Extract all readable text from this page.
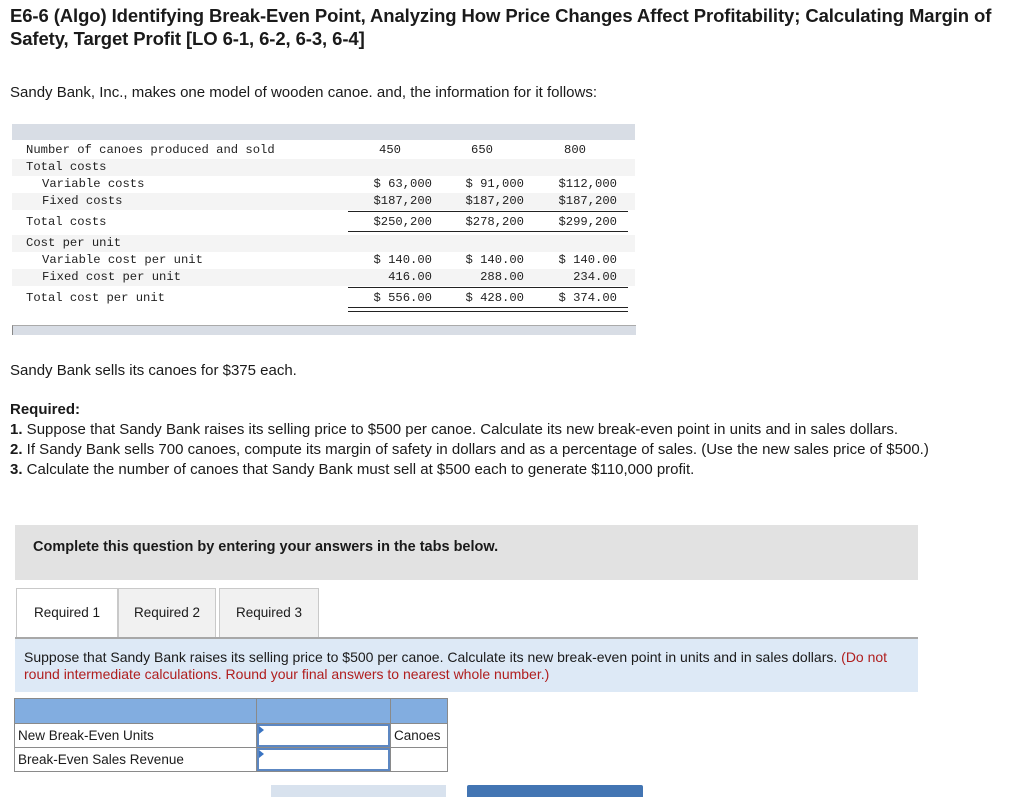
E6-6 (Algo) Identifying Break-Even Point, Analyzing How Price Changes Affect Profitability; Calculating Margin of Safety, Target Profit [LO 6-1, 6-2, 6-3, 6-4]
Sandy Bank, Inc., makes one model of wooden canoe. and, the information for it follows:
Number of canoes produced and sold	450	650	800
Total costs
Variable costs	$ 63,000	$ 91,000	$112,000
Fixed costs	$187,200	$187,200	$187,200
Total costs	$250,200	$278,200	$299,200
Cost per unit
Variable cost per unit	$ 140.00	$ 140.00	$ 140.00
Fixed cost per unit	416.00	288.00	234.00
Total cost per unit	$ 556.00	$ 428.00	$ 374.00
Sandy Bank sells its canoes for $375 each.
Required:
1. Suppose that Sandy Bank raises its selling price to $500 per canoe. Calculate its new break-even point in units and in sales dollars.
2. If Sandy Bank sells 700 canoes, compute its margin of safety in dollars and as a percentage of sales. (Use the new sales price of $500.)
3. Calculate the number of canoes that Sandy Bank must sell at $500 each to generate $110,000 profit.
Complete this question by entering your answers in the tabs below.
Required 1	Required 2	Required 3

Suppose that Sandy Bank raises its selling price to $500 per canoe. Calculate its new break-even point in units and in sales dollars. (Do not round intermediate calculations. Round your final answers to nearest whole number.)

New Break-Even Units		Canoes
Break-Even Sales Revenue	
